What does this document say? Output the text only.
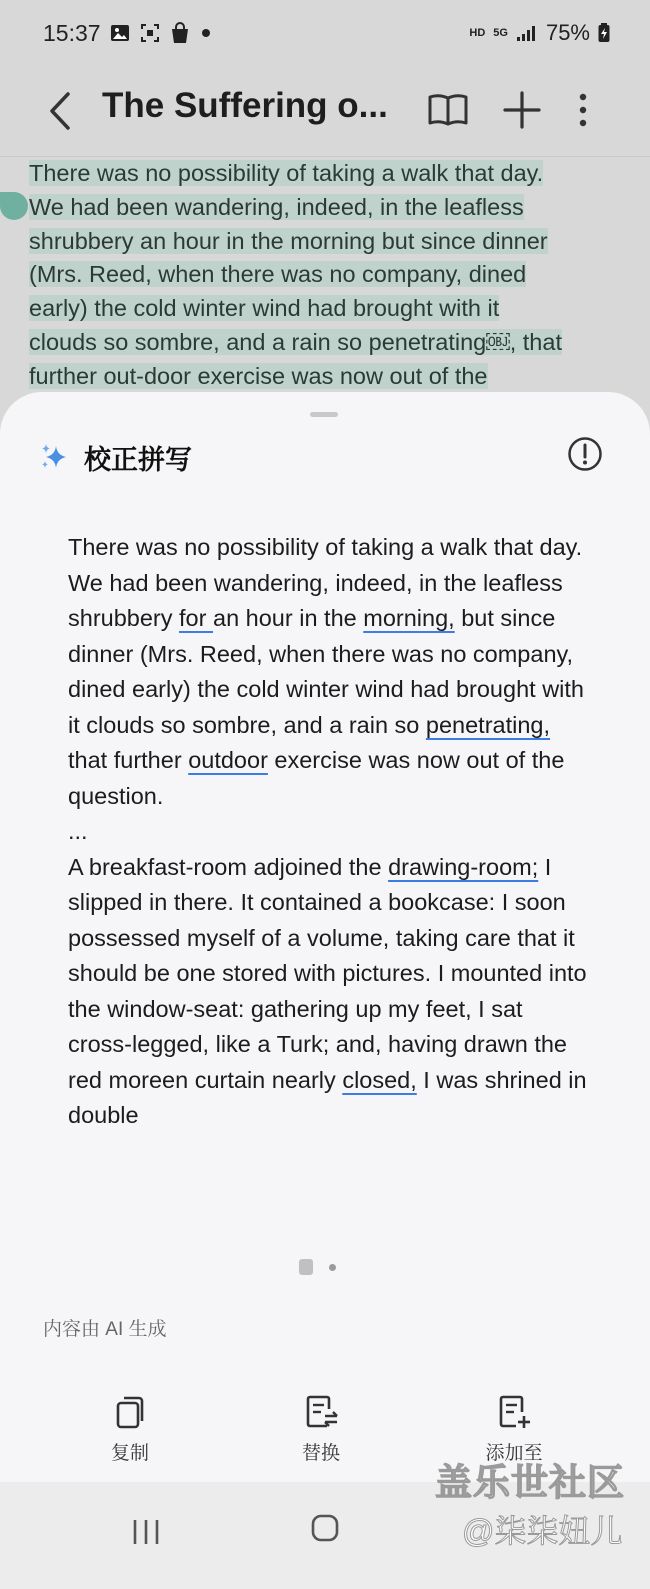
15:37	HD 5G 75%
The Suffering o...
There was no possibility of taking a walk that day.
We had been wandering, indeed, in the leafless
shrubbery an hour in the morning but since dinner
(Mrs. Reed, when there was no company, dined
early) the cold winter wind had brought with it
clouds so sombre, and a rain so penetrating￼, that
further out-door exercise was now out of the
校正拼写

There was no possibility of taking a walk that day. We had been wandering, indeed, in the leafless shrubbery for an hour in the morning, but since dinner (Mrs. Reed, when there was no company, dined early) the cold winter wind had brought with it clouds so sombre, and a rain so penetrating, that further outdoor exercise was now out of the question.

...

A breakfast-room adjoined the drawing-room; I slipped in there. It contained a bookcase: I soon possessed myself of a volume, taking care that it should be one stored with pictures. I mounted into the window-seat: gathering up my feet, I sat cross-legged, like a Turk; and, having drawn the red moreen curtain nearly closed, I was shrined in double

内容由 AI 生成
复制	替换	添加至
盖乐世社区
@柒柒妞儿
